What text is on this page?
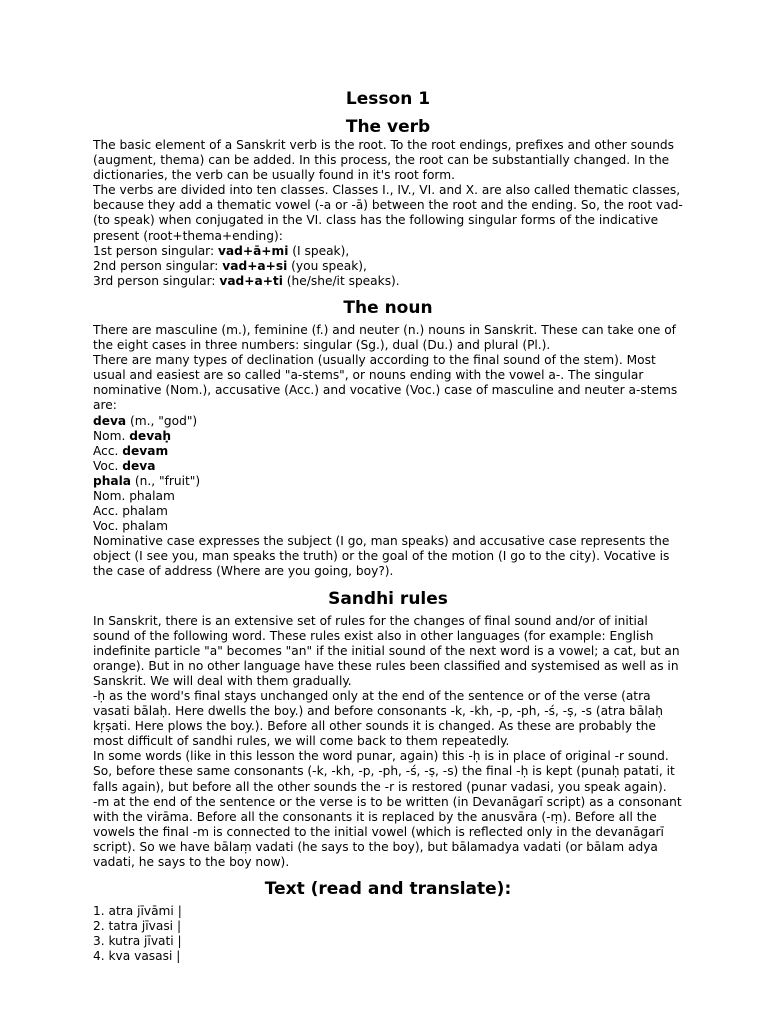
Lesson 1
The verb

The basic element of a Sanskrit verb is the root. To the root endings, prefixes and other sounds (augment, thema) can be added. In this process, the root can be substantially changed. In the dictionaries, the verb can be usually found in it's root form.

The verbs are divided into ten classes. Classes I., IV., VI. and X. are also called thematic classes, because they add a thematic vowel (-a or -ā) between the root and the ending. So, the root vad- (to speak) when conjugated in the VI. class has the following singular forms of the indicative present (root+thema+ending):

1st person singular: vad+ā+mi (I speak),

2nd person singular: vad+a+si (you speak),

3rd person singular: vad+a+ti (he/she/it speaks).

The noun

There are masculine (m.), feminine (f.) and neuter (n.) nouns in Sanskrit. These can take one of the eight cases in three numbers: singular (Sg.), dual (Du.) and plural (Pl.).

There are many types of declination (usually according to the final sound of the stem). Most usual and easiest are so called "a-stems", or nouns ending with the vowel a-. The singular nominative (Nom.), accusative (Acc.) and vocative (Voc.) case of masculine and neuter a-stems are:

deva (m., "god")

Nom. devaḥ

Acc. devam

Voc. deva

phala (n., "fruit")

Nom. phalam

Acc. phalam

Voc. phalam

Nominative case expresses the subject (I go, man speaks) and accusative case represents the object (I see you, man speaks the truth) or the goal of the motion (I go to the city). Vocative is the case of address (Where are you going, boy?).

Sandhi rules

In Sanskrit, there is an extensive set of rules for the changes of final sound and/or of initial sound of the following word. These rules exist also in other languages (for example: English indefinite particle "a" becomes "an" if the initial sound of the next word is a vowel; a cat, but an orange). But in no other language have these rules been classified and systemised as well as in Sanskrit. We will deal with them gradually.

-ḥ as the word's final stays unchanged only at the end of the sentence or of the verse (atra vasati bālaḥ. Here dwells the boy.) and before consonants -k, -kh, -p, -ph, -ś, -ṣ, -s (atra bālaḥ kṛṣati. Here plows the boy.). Before all other sounds it is changed. As these are probably the most difficult of sandhi rules, we will come back to them repeatedly.

In some words (like in this lesson the word punar, again) this -ḥ is in place of original -r sound. So, before these same consonants (-k, -kh, -p, -ph, -ś, -ṣ, -s) the final -ḥ is kept (punaḥ patati, it falls again), but before all the other sounds the -r is restored (punar vadasi, you speak again).

-m at the end of the sentence or the verse is to be written (in Devanāgarī script) as a consonant with the virāma. Before all the consonants it is replaced by the anusvāra (-ṃ). Before all the vowels the final -m is connected to the initial vowel (which is reflected only in the devanāgarī script). So we have bālaṃ vadati (he says to the boy), but bālamadya vadati (or bālam adya vadati, he says to the boy now).

Text (read and translate):

1. atra jīvāmi |

2. tatra jīvasi |

3. kutra jīvati |

4. kva vasasi |
